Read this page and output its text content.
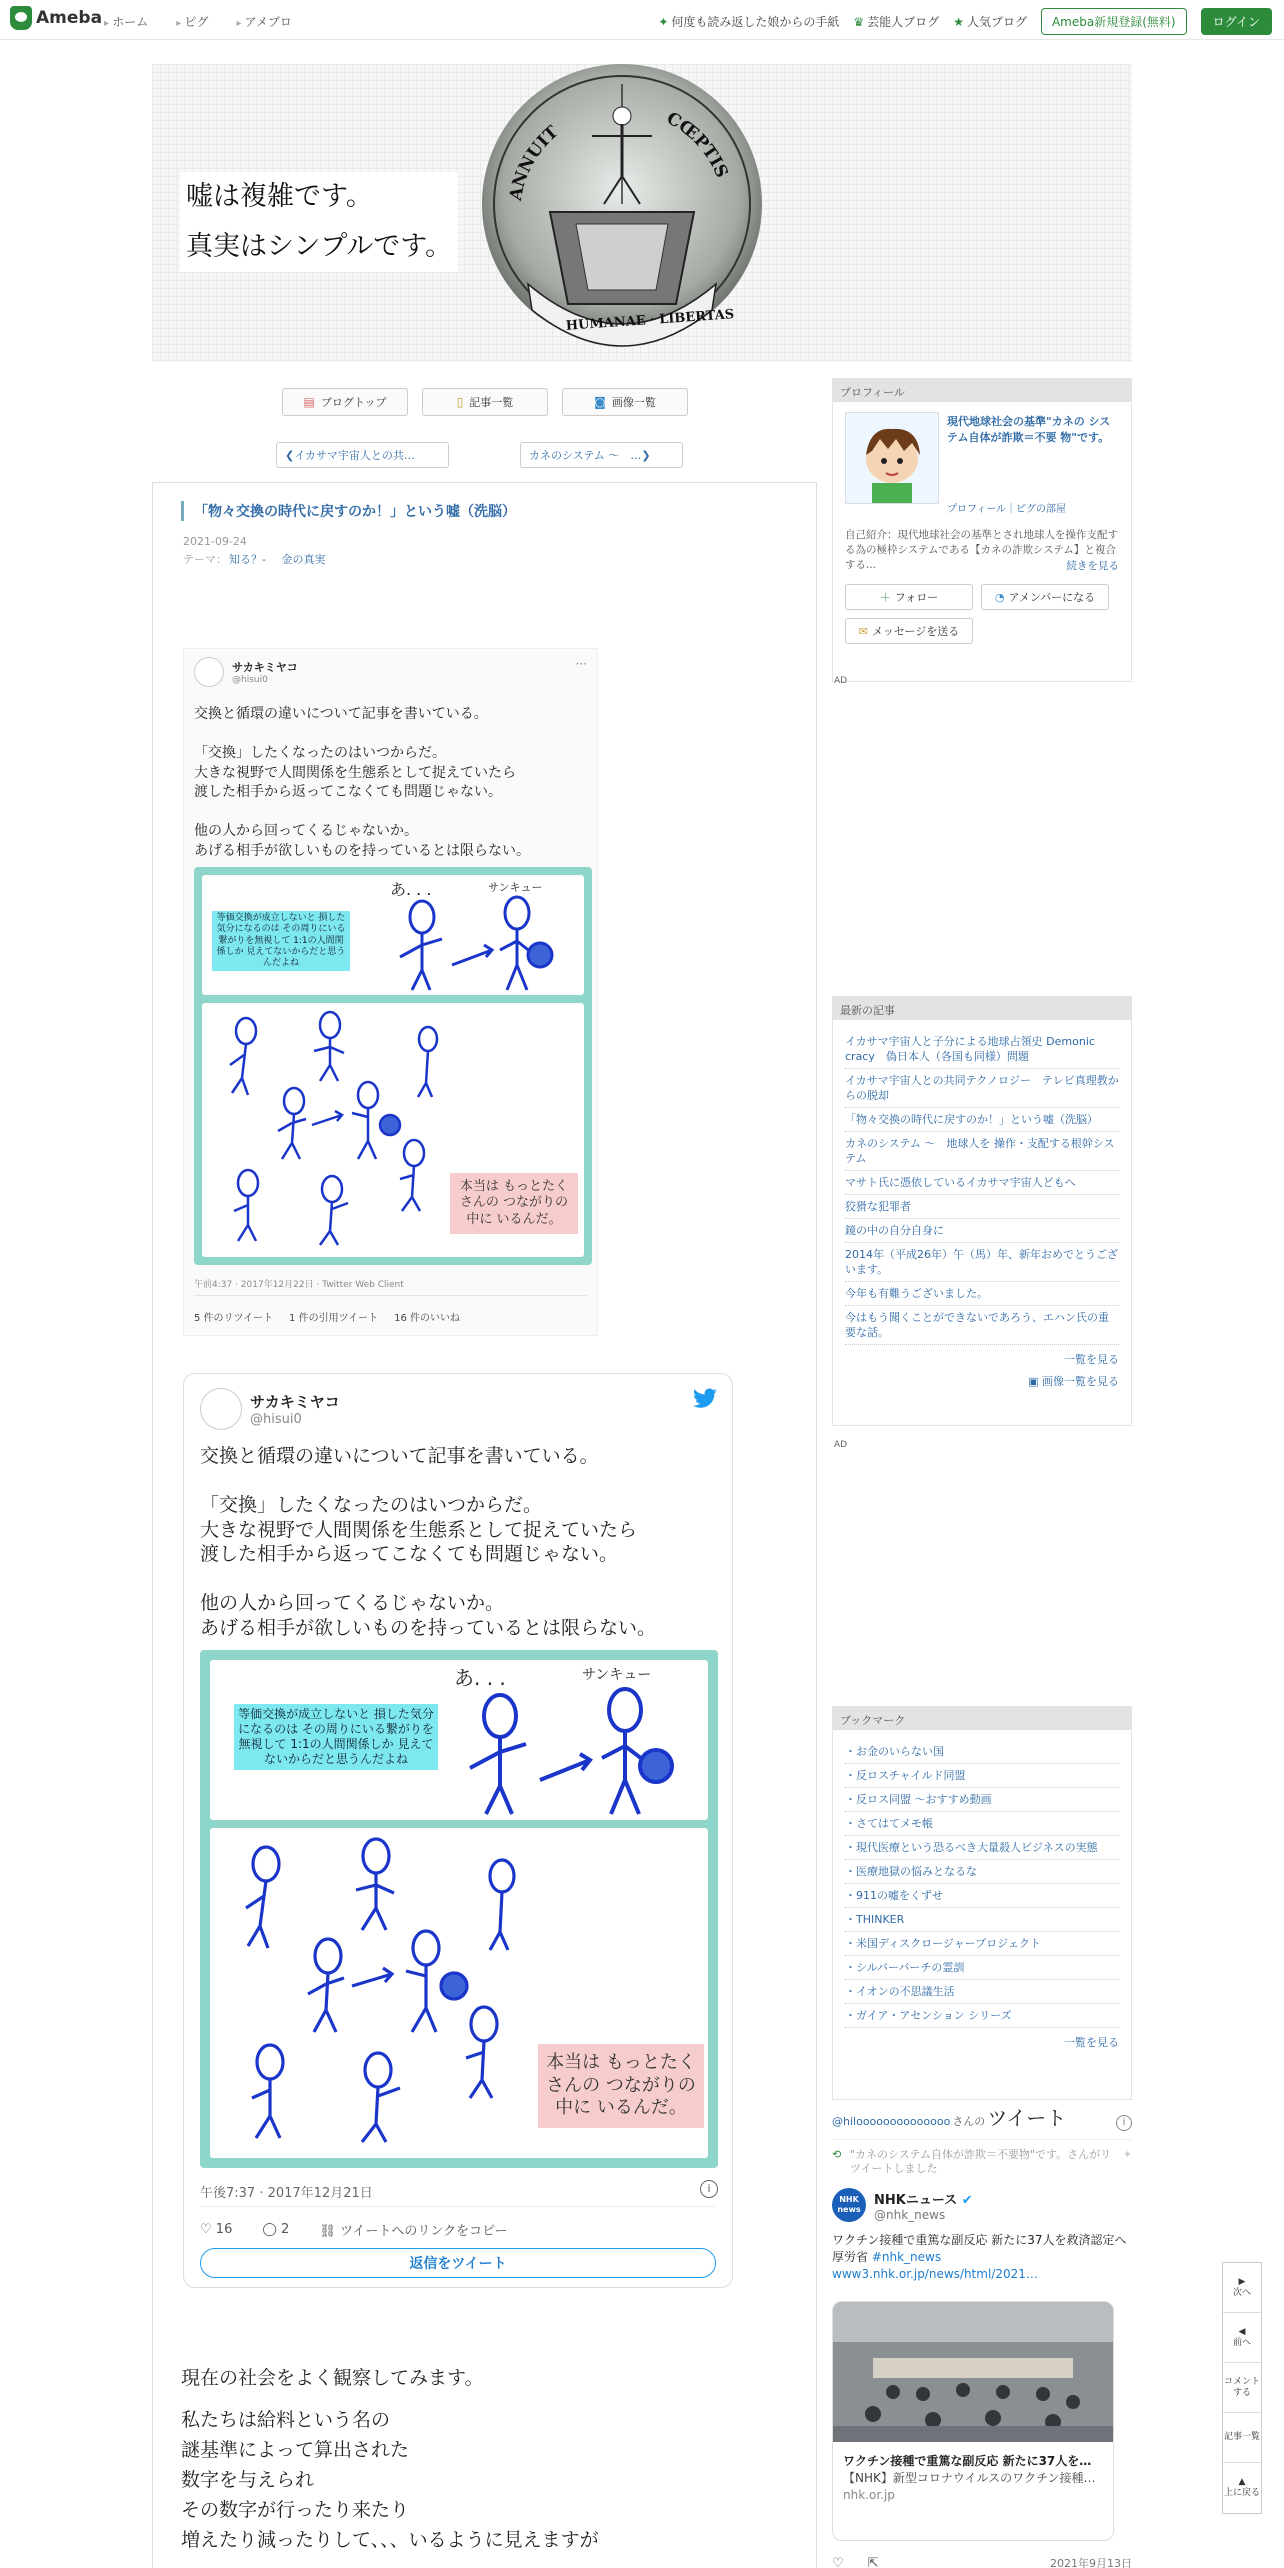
Ameba ▸ ホーム	▸ ピグ	▸ アメブロ	✦ 何度も読み返した娘からの手紙 ♛ 芸能人ブログ ★ 人気ブログ	Ameba新規登録(無料)	ログイン
嘘は複雑です。
真実はシンプルです。
ANNUIT
CŒPTIS
HUMANAE · LIBERTAS
▤ ブログトップ	▯ 記事一覧	◙ 画像一覧
❮ イカサマ宇宙人との共…	カネのシステム ～　… ❯
「物々交換の時代に戻すのか！」という嘘（洗脳）
2021-09-24
テーマ： 知る？- 金の真実
サカキミヤコ
@hisui0
···
交換と循環の違いについて記事を書いている。

「交換」したくなったのはいつからだ。
大きな視野で人間関係を生態系として捉えていたら
渡した相手から返ってこなくても問題じゃない。

他の人から回ってくるじゃないか。
あげる相手が欲しいものを持っているとは限らない。
等価交換が成立しないと 損した気分になるのは その周りにいる繋がりを無視して 1:1の人間関係しか 見えてないからだと思うんだよね
あ. . .	サンキュー
本当は もっとたくさんの つながりの中に いるんだ。
午前4:37 · 2017年12月22日 · Twitter Web Client
5 件のリツイート 1 件の引用ツイート 16 件のいいね
サカキミヤコ
@hisui0
交換と循環の違いについて記事を書いている。

「交換」したくなったのはいつからだ。
大きな視野で人間関係を生態系として捉えていたら
渡した相手から返ってこなくても問題じゃない。

他の人から回ってくるじゃないか。
あげる相手が欲しいものを持っているとは限らない。
等価交換が成立しないと 損した気分になるのは その周りにいる繋がりを無視して 1:1の人間関係しか 見えてないからだと思うんだよね
あ. . .	サンキュー
本当は もっとたくさんの つながりの中に いるんだ。
午後7:37 · 2017年12月21日	i
♡ 16 ◯ 2 ⛓ ツイートへのリンクをコピー
返信をツイート
現在の社会をよく観察してみます。
私たちは給料という名の
謎基準によって算出された
数字を与えられ
その数字が行ったり来たり
増えたり減ったりして、、、いるように見えますが
プロフィール
現代地球社会の基準"カネの システム自体が詐欺＝不要 物"です。
プロフィール｜ピグの部屋
自己紹介：現代地球社会の基準とされ地球人を操作支配する為の極枠システムである【カネの詐欺システム】と複合する...	続きを見る
＋ フォロー	◔ アメンバーになる
✉ メッセージを送る
AD
最新の記事
イカサマ宇宙人と子分による地球占領史 Demonic cracy　偽日本人（各国も同様）問題
イカサマ宇宙人との共同テクノロジー　テレビ真理教からの脱却
「物々交換の時代に戻すのか！」という嘘（洗脳）
カネのシステム ～　地球人を 操作・支配する根幹システム
マサト氏に憑依しているイカサマ宇宙人どもへ
狡猾な犯罪者
鏡の中の自分自身に
2014年（平成26年）午（馬）年、新年おめでとうございます。
今年も有難うございました。
今はもう聞くことができないであろう、エハン氏の重要な話。
一覧を見る
▣ 画像一覧を見る
AD
ブックマーク
・お金のいらない国
・反ロスチャイルド同盟
・反ロス同盟 ～おすすめ動画
・さてはてメモ帳
・現代医療という恐るべき大量殺人ビジネスの実態
・医療地獄の悩みとなるな
・911の嘘をくずせ
・THINKER
・米国ディスクロージャープロジェクト
・シルバーバーチの霊訓
・イオンの不思議生活
・ガイア・アセンション シリーズ
一覧を見る
@hiloooooooooooooo さんの ツイート	i
⟲ "カネのシステム自体が詐欺＝不要物"です。さんがリツイートしました
✦
NHK
news
NHKニュース ✔
@nhk_news
ワクチン接種で重篤な副反応 新たに37人を救済認定へ 厚労省 #nhk_news
www3.nhk.or.jp/news/html/2021…
ワクチン接種で重篤な副反応 新たに37人を…
【NHK】新型コロナウイルスのワクチン接種…
nhk.or.jp
♡ ⇱	2021年9月13日
▶
次へ
◀
前へ
コメント
する
記事一覧
▲
上に戻る
